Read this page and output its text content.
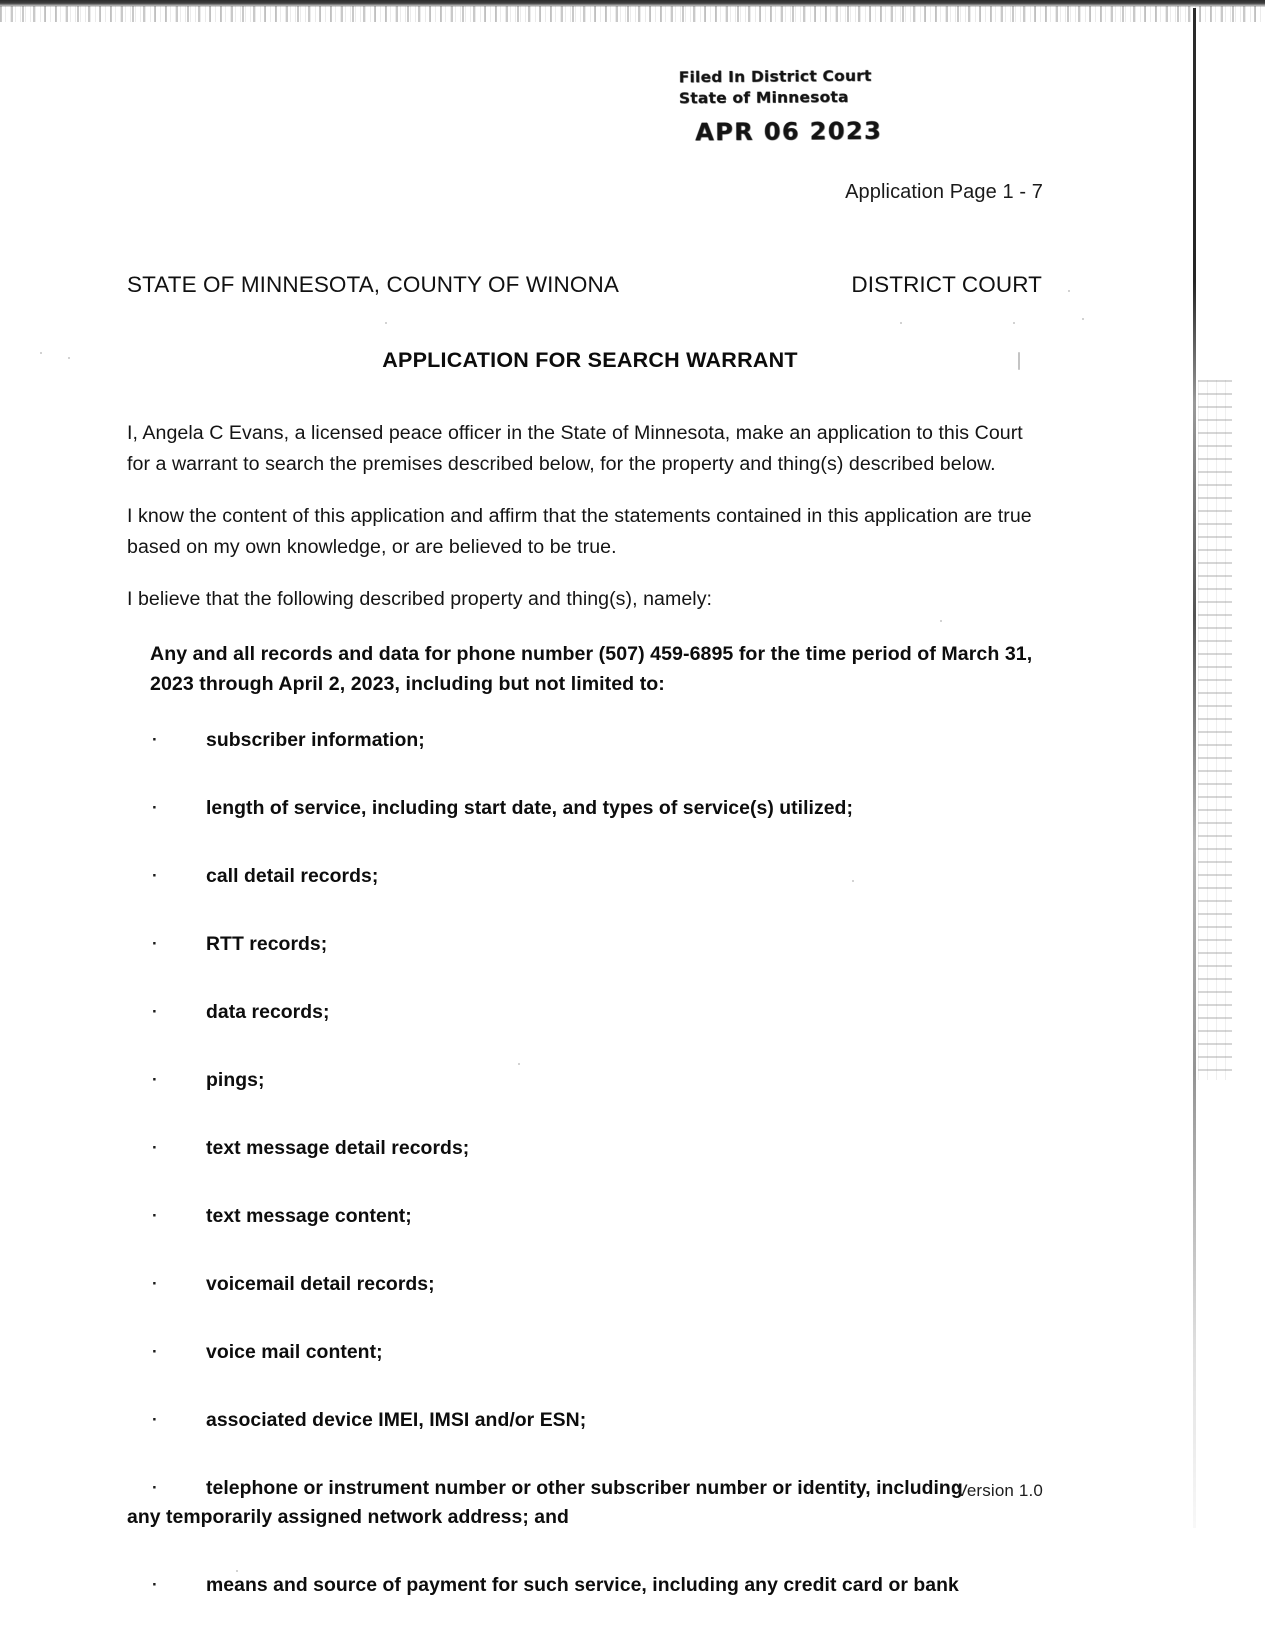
Filed In District Court
State of Minnesota
APR 06 2023
Application Page 1 - 7
STATE OF MINNESOTA, COUNTY OF WINONA	DISTRICT COURT
APPLICATION FOR SEARCH WARRANT

I, Angela C Evans, a licensed peace officer in the State of Minnesota, make an application to this Court for a warrant to search the premises described below, for the property and thing(s) described below.

I know the content of this application and affirm that the statements contained in this application are true based on my own knowledge, or are believed to be true.

I believe that the following described property and thing(s), namely:

Any and all records and data for phone number (507) 459-6895 for the time period of March 31, 2023 through April 2, 2023, including but not limited to:

· subscriber information;
· length of service, including start date, and types of service(s) utilized;
· call detail records;
· RTT records;
· data records;
· pings;
· text message detail records;
· text message content;
· voicemail detail records;
· voice mail content;
· associated device IMEI, IMSI and/or ESN;
· telephone or instrument number or other subscriber number or identity, including
any temporarily assigned network address; and
· means and source of payment for such service, including any credit card or bank
Version 1.0
